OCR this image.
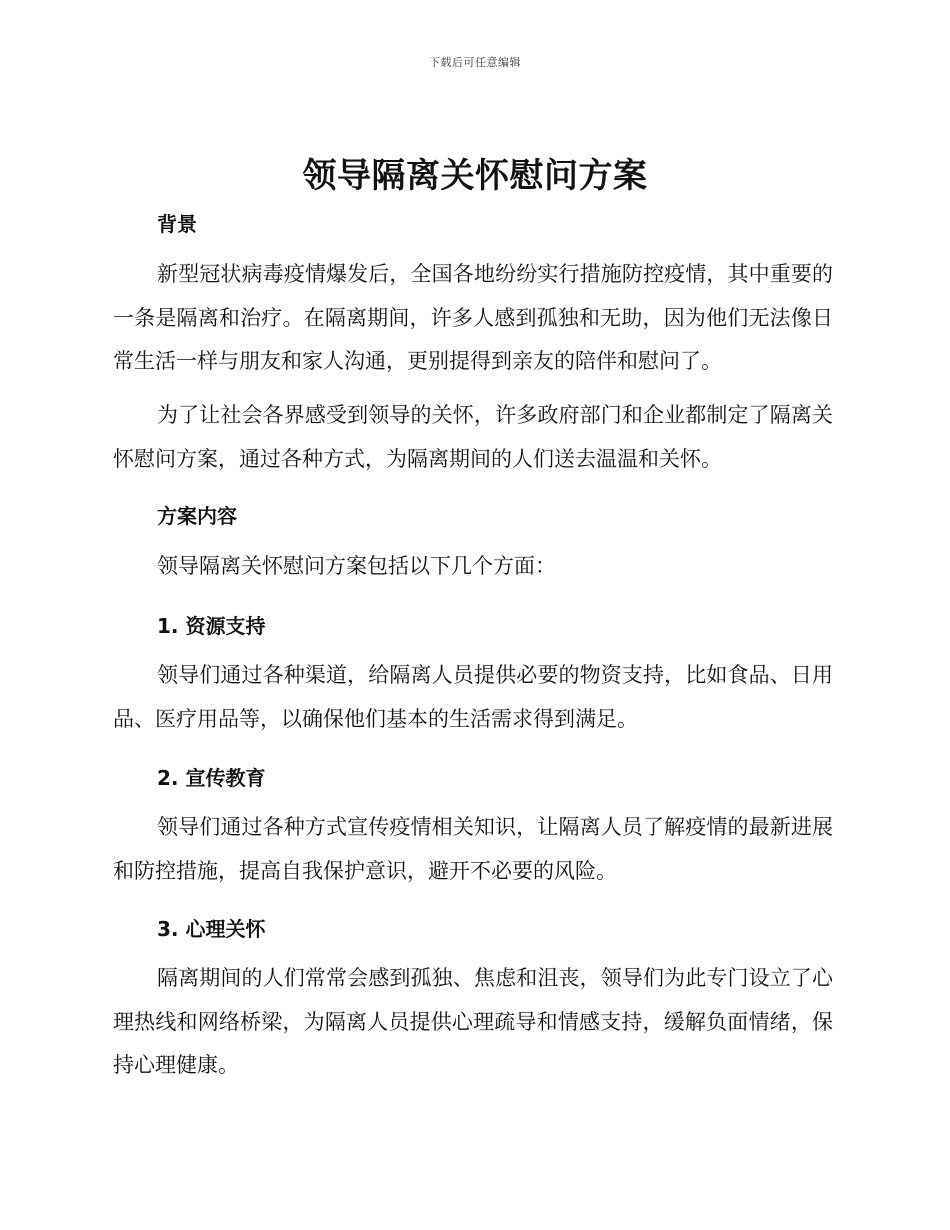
下载后可任意编辑
领导隔离关怀慰问方案
背景

新型冠状病毒疫情爆发后，全国各地纷纷实行措施防控疫情，其中重要的一条是隔离和治疗。在隔离期间，许多人感到孤独和无助，因为他们无法像日常生活一样与朋友和家人沟通，更别提得到亲友的陪伴和慰问了。

为了让社会各界感受到领导的关怀，许多政府部门和企业都制定了隔离关怀慰问方案，通过各种方式，为隔离期间的人们送去温温和关怀。

方案内容

领导隔离关怀慰问方案包括以下几个方面：

1. 资源支持

领导们通过各种渠道，给隔离人员提供必要的物资支持，比如食品、日用品、医疗用品等，以确保他们基本的生活需求得到满足。

2. 宣传教育

领导们通过各种方式宣传疫情相关知识，让隔离人员了解疫情的最新进展和防控措施，提高自我保护意识，避开不必要的风险。

3. 心理关怀

隔离期间的人们常常会感到孤独、焦虑和沮丧，领导们为此专门设立了心理热线和网络桥梁，为隔离人员提供心理疏导和情感支持，缓解负面情绪，保持心理健康。
